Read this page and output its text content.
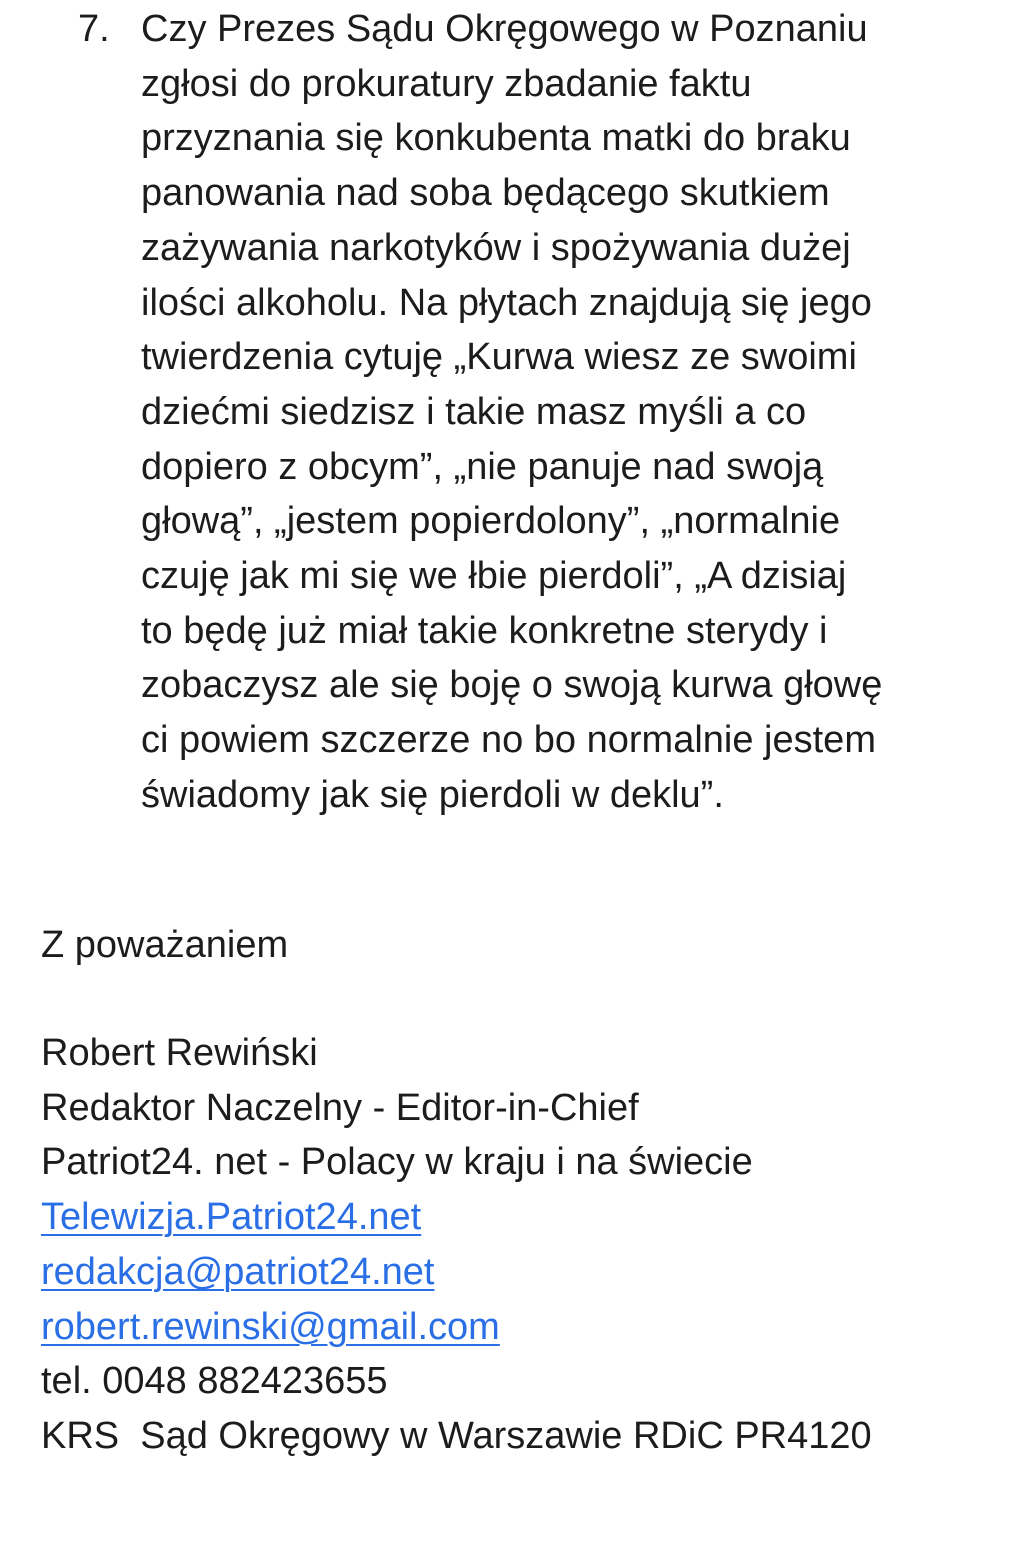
7. Czy Prezes Sądu Okręgowego w Poznaniu
zgłosi do prokuratury zbadanie faktu
przyznania się konkubenta matki do braku
panowania nad soba będącego skutkiem
zażywania narkotyków i spożywania dużej
ilości alkoholu. Na płytach znajdują się jego
twierdzenia cytuję „Kurwa wiesz ze swoimi
dziećmi siedzisz i takie masz myśli a co
dopiero z obcym”, „nie panuje nad swoją
głową”, „jestem popierdolony”, „normalnie
czuję jak mi się we łbie pierdoli”, „A dzisiaj
to będę już miał takie konkretne sterydy i
zobaczysz ale się boję o swoją kurwa głowę
ci powiem szczerze no bo normalnie jestem
świadomy jak się pierdoli w deklu”.
Z poważaniem
Robert Rewiński
Redaktor Naczelny - Editor-in-Chief
Patriot24. net - Polacy w kraju i na świecie
Telewizja.Patriot24.net
redakcja@patriot24.net
robert.rewinski@gmail.com
tel. 0048 882423655
KRS  Sąd Okręgowy w Warszawie RDiC PR4120
